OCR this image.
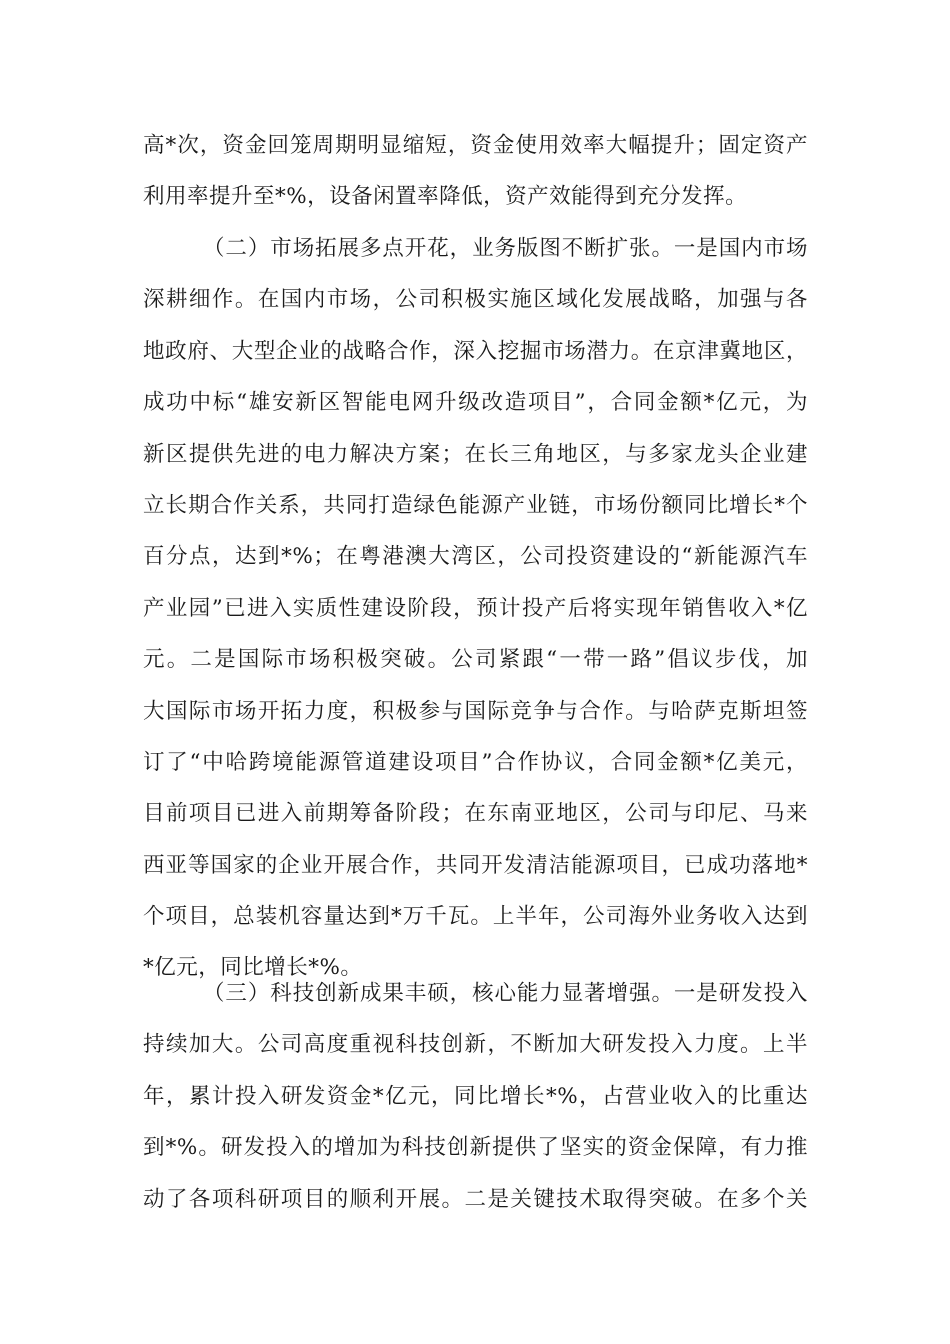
高*次，资金回笼周期明显缩短，资金使用效率大幅提升；固定资产
利用率提升至*%，设备闲置率降低，资产效能得到充分发挥。
（二）市场拓展多点开花，业务版图不断扩张。一是国内市场
深耕细作。在国内市场，公司积极实施区域化发展战略，加强与各
地政府、大型企业的战略合作，深入挖掘市场潜力。在京津冀地区，
成功中标“雄安新区智能电网升级改造项目”，合同金额*亿元，为
新区提供先进的电力解决方案；在长三角地区，与多家龙头企业建
立长期合作关系，共同打造绿色能源产业链，市场份额同比增长*个
百分点，达到*%；在粤港澳大湾区，公司投资建设的“新能源汽车
产业园”已进入实质性建设阶段，预计投产后将实现年销售收入*亿
元。二是国际市场积极突破。公司紧跟“一带一路”倡议步伐，加
大国际市场开拓力度，积极参与国际竞争与合作。与哈萨克斯坦签
订了“中哈跨境能源管道建设项目”合作协议，合同金额*亿美元，
目前项目已进入前期筹备阶段；在东南亚地区，公司与印尼、马来
西亚等国家的企业开展合作，共同开发清洁能源项目，已成功落地*
个项目，总装机容量达到*万千瓦。上半年，公司海外业务收入达到
*亿元，同比增长*%。
（三）科技创新成果丰硕，核心能力显著增强。一是研发投入
持续加大。公司高度重视科技创新，不断加大研发投入力度。上半
年，累计投入研发资金*亿元，同比增长*%，占营业收入的比重达
到*%。研发投入的增加为科技创新提供了坚实的资金保障，有力推
动了各项科研项目的顺利开展。二是关键技术取得突破。在多个关
